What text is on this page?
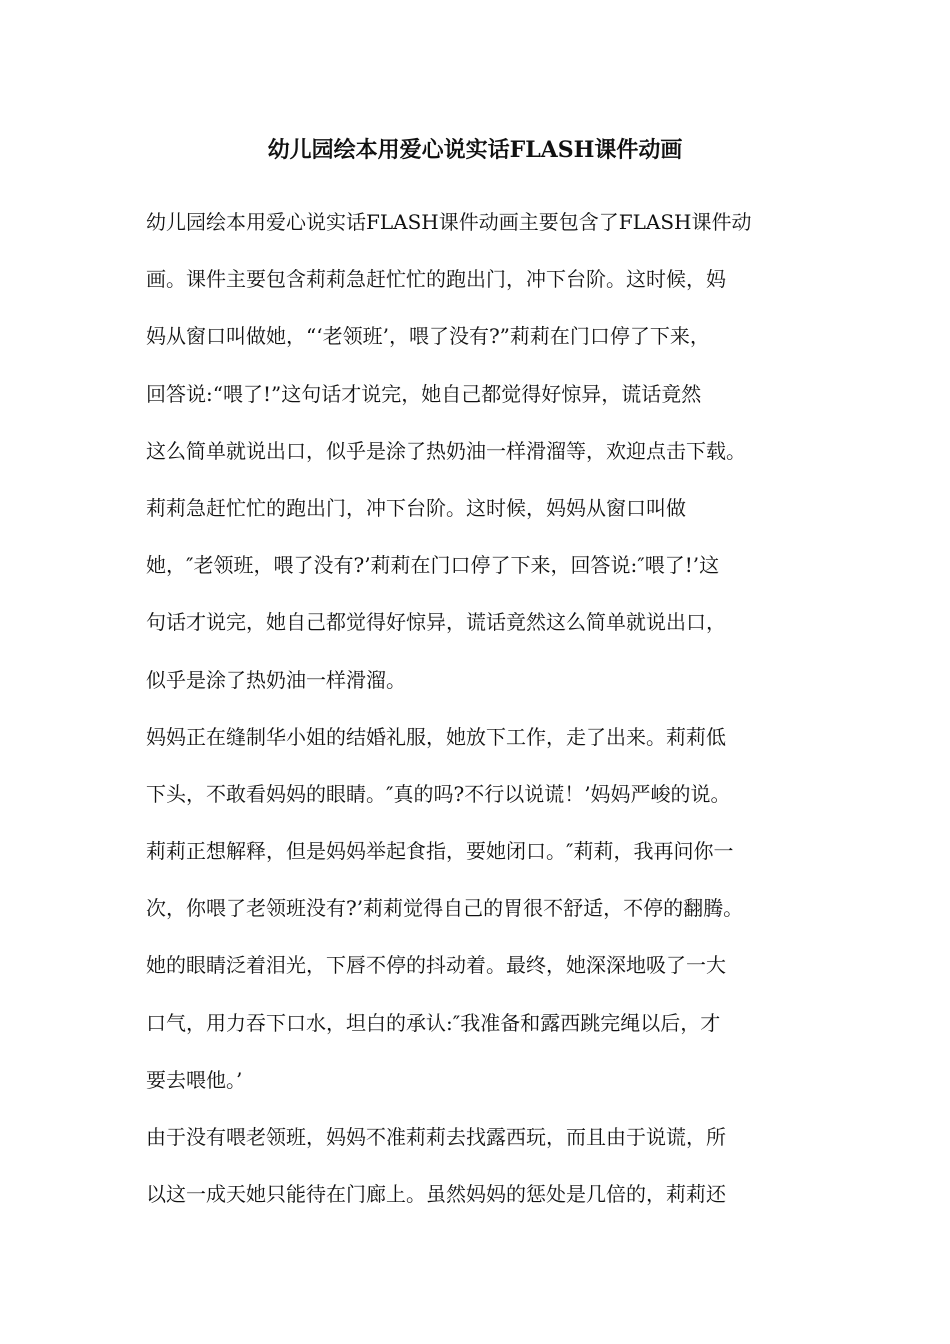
幼儿园绘本用爱心说实话FLASH课件动画
幼儿园绘本用爱心说实话FLASH课件动画主要包含了FLASH课件动
画。课件主要包含莉莉急赶忙忙的跑出门，冲下台阶。这时候，妈
妈从窗口叫做她，“‘老领班’，喂了没有?”莉莉在门口停了下来，
回答说:“喂了!”这句话才说完，她自己都觉得好惊异，谎话竟然
这么简单就说出口，似乎是涂了热奶油一样滑溜等，欢迎点击下载。
莉莉急赶忙忙的跑出门，冲下台阶。这时候，妈妈从窗口叫做
她，″老领班，喂了没有?’莉莉在门口停了下来，回答说:″喂了!’这
句话才说完，她自己都觉得好惊异，谎话竟然这么简单就说出口，
似乎是涂了热奶油一样滑溜。
妈妈正在缝制华小姐的结婚礼服，她放下工作，走了出来。莉莉低
下头，不敢看妈妈的眼睛。″真的吗?不行以说谎！’妈妈严峻的说。
莉莉正想解释，但是妈妈举起食指，要她闭口。″莉莉，我再问你一
次，你喂了老领班没有?’莉莉觉得自己的胃很不舒适，不停的翻腾。
她的眼睛泛着泪光，下唇不停的抖动着。最终，她深深地吸了一大
口气，用力吞下口水，坦白的承认:″我准备和露西跳完绳以后，才
要去喂他。’
由于没有喂老领班，妈妈不准莉莉去找露西玩，而且由于说谎，所
以这一成天她只能待在门廊上。虽然妈妈的惩处是几倍的，莉莉还
